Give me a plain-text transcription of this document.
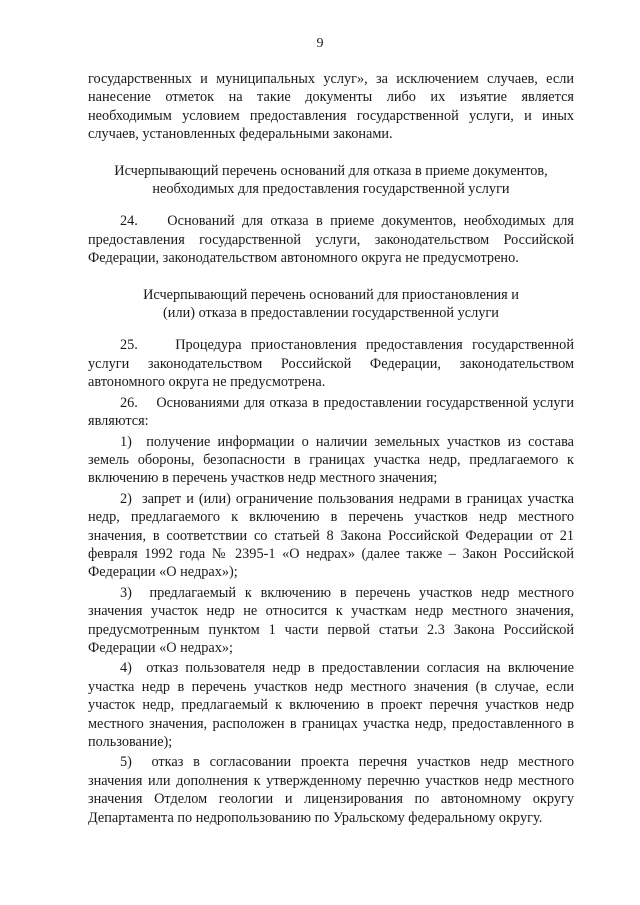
9

государственных и муниципальных услуг», за исключением случаев, если нанесение отметок на такие документы либо их изъятие является необходимым условием предоставления государственной услуги, и иных случаев, установленных федеральными законами.

Исчерпывающий перечень оснований для отказа в приеме документов,
необходимых для предоставления государственной услуги

24.    Оснований для отказа в приеме документов, необходимых для предоставления государственной услуги, законодательством Российской Федерации, законодательством автономного округа не предусмотрено.

Исчерпывающий перечень оснований для приостановления и
(или) отказа в предоставлении государственной услуги

25.    Процедура приостановления предоставления государственной услуги законодательством Российской Федерации, законодательством автономного округа не предусмотрена.

26.    Основаниями для отказа в предоставлении государственной услуги являются:

1)  получение информации о наличии земельных участков из состава земель обороны, безопасности в границах участка недр, предлагаемого к включению в перечень участков недр местного значения;

2)  запрет и (или) ограничение пользования недрами в границах участка недр, предлагаемого к включению в перечень участков недр местного значения, в соответствии со статьей 8 Закона Российской Федерации от 21 февраля 1992 года № 2395-1 «О недрах» (далее также – Закон Российской Федерации «О недрах»);

3)  предлагаемый к включению в перечень участков недр местного значения участок недр не относится к участкам недр местного значения, предусмотренным пунктом 1 части первой статьи 2.3 Закона Российской Федерации «О недрах»;

4)  отказ пользователя недр в предоставлении согласия на включение участка недр в перечень участков недр местного значения (в случае, если участок недр, предлагаемый к включению в проект перечня участков недр местного значения, расположен в границах участка недр, предоставленного в пользование);

5)  отказ в согласовании проекта перечня участков недр местного значения или дополнения к утвержденному перечню участков недр местного значения Отделом геологии и лицензирования по автономному округу Департамента по недропользованию по Уральскому федеральному округу.
